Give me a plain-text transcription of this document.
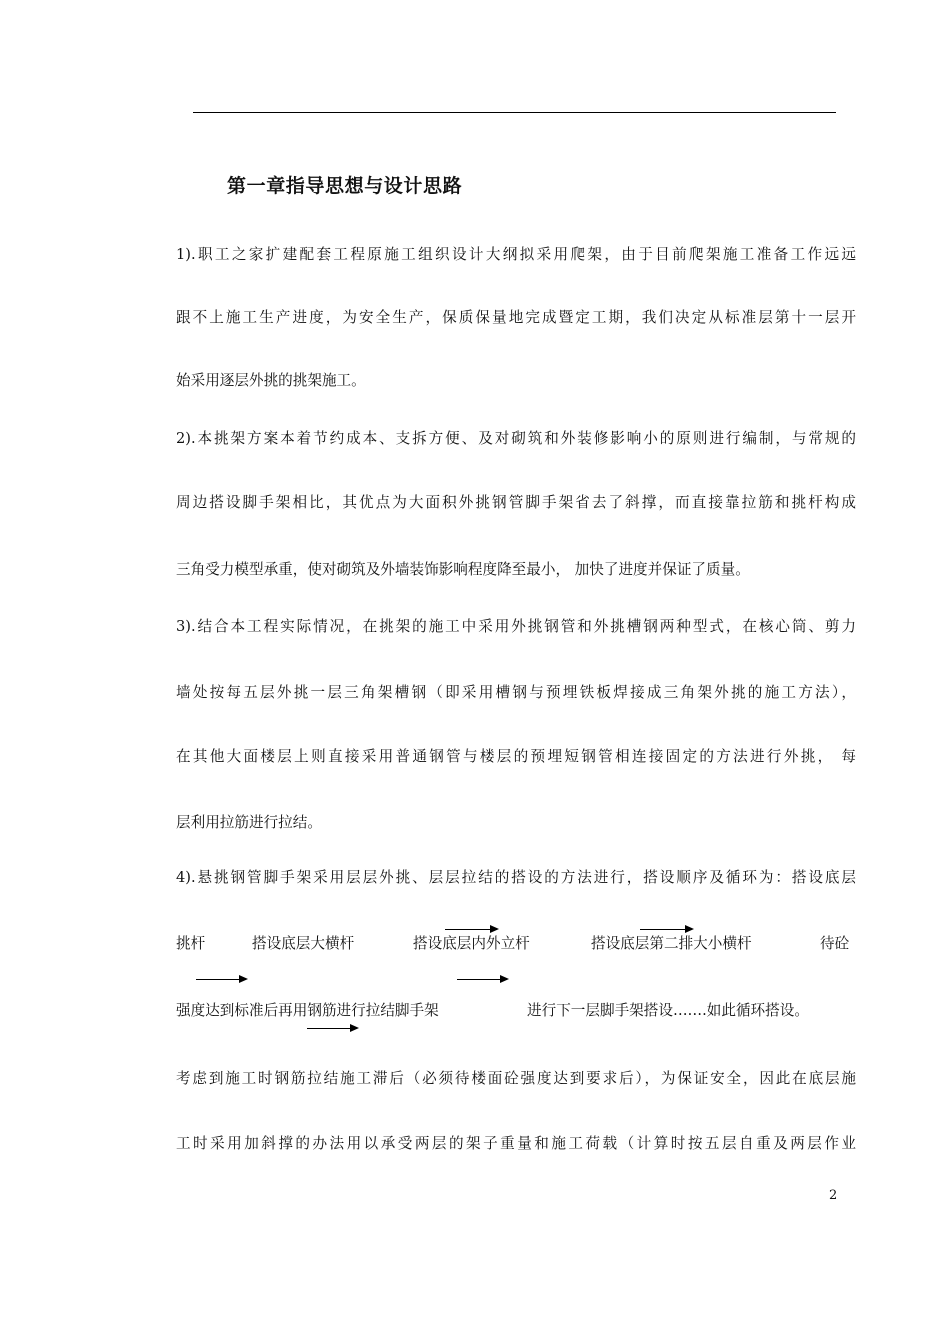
第一章指导思想与设计思路
1).职工之家扩建配套工程原施工组织设计大纲拟采用爬架，由于目前爬架施工准备工作远远
跟不上施工生产进度，为安全生产，保质保量地完成暨定工期，我们决定从标准层第十一层开
始采用逐层外挑的挑架施工。
2).本挑架方案本着节约成本、支拆方便、及对砌筑和外装修影响小的原则进行编制，与常规的
周边搭设脚手架相比，其优点为大面积外挑钢管脚手架省去了斜撑，而直接靠拉筋和挑杆构成
三角受力模型承重，使对砌筑及外墙装饰影响程度降至最小， 加快了进度并保证了质量。
3).结合本工程实际情况，在挑架的施工中采用外挑钢管和外挑槽钢两种型式，在核心筒、剪力
墙处按每五层外挑一层三角架槽钢（即采用槽钢与预埋铁板焊接成三角架外挑的施工方法），
在其他大面楼层上则直接采用普通钢管与楼层的预埋短钢管相连接固定的方法进行外挑， 每
层利用拉筋进行拉结。
4).悬挑钢管脚手架采用层层外挑、层层拉结的搭设的方法进行，搭设顺序及循环为：搭设底层
挑杆	搭设底层大横杆	搭设底层内外立杆	搭设底层第二排大小横杆	待砼
强度达到标准后再用钢筋进行拉结脚手架	进行下一层脚手架搭设…….如此循环搭设。
考虑到施工时钢筋拉结施工滞后（必须待楼面砼强度达到要求后），为保证安全，因此在底层施
工时采用加斜撑的办法用以承受两层的架子重量和施工荷载（计算时按五层自重及两层作业
2
